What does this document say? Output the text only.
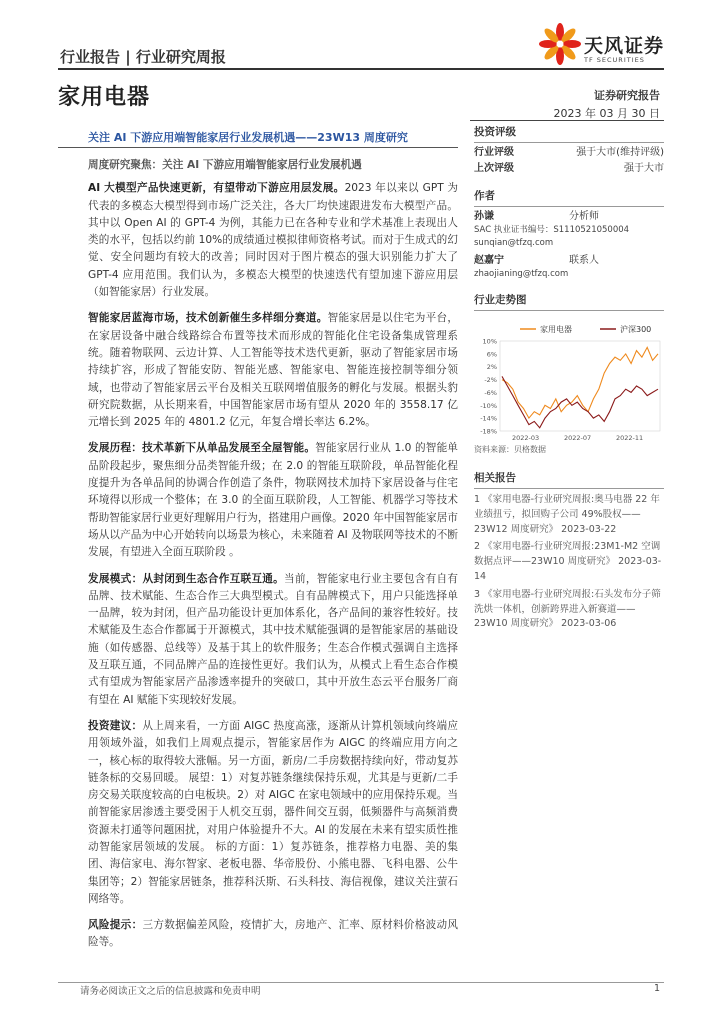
行业报告 | 行业研究周报
家用电器
天风证券
TF SECURITIES
证券研究报告
2023 年 03 月 30 日
关注 AI 下游应用端智能家居行业发展机遇——23W13 周度研究
周度研究聚焦：关注 AI 下游应用端智能家居行业发展机遇

AI 大模型产品快速更新，有望带动下游应用层发展。2023 年以来以 GPT 为代表的多模态大模型得到市场广泛关注，各大厂均快速跟进发布大模型产品。其中以 Open AI 的 GPT-4 为例，其能力已在各种专业和学术基准上表现出人类的水平，包括以约前 10%的成绩通过模拟律师资格考试。而对于生成式的幻觉、安全问题均有较大的改善；同时因对于图片模态的强大识别能力扩大了 GPT-4 应用范围。我们认为，多模态大模型的快速迭代有望加速下游应用层（如智能家居）行业发展。

智能家居蓝海市场，技术创新催生多样细分赛道。智能家居是以住宅为平台，在家居设备中融合线路综合布置等技术而形成的智能化住宅设备集成管理系统。随着物联网、云边计算、人工智能等技术迭代更新，驱动了智能家居市场持续扩容，形成了智能安防、智能光感、智能家电、智能连接控制等细分领域，也带动了智能家居云平台及相关互联网增值服务的孵化与发展。根据头豹研究院数据，从长期来看，中国智能家居市场有望从 2020 年的 3558.17 亿元增长到 2025 年的 4801.2 亿元，年复合增长率达 6.2%。

发展历程：技术革新下从单品发展至全屋智能。智能家居行业从 1.0 的智能单品阶段起步，聚焦细分品类智能升级；在 2.0 的智能互联阶段，单品智能化程度提升为各单品间的协调合作创造了条件，物联网技术加持下家居设备与住宅环境得以形成一个整体；在 3.0 的全面互联阶段，人工智能、机器学习等技术帮助智能家居行业更好理解用户行为，搭建用户画像。2020 年中国智能家居市场从以产品为中心开始转向以场景为核心，未来随着 AI 及物联网等技术的不断发展，有望进入全面互联阶段 。

发展模式：从封闭到生态合作互联互通。当前，智能家电行业主要包含有自有品牌、技术赋能、生态合作三大典型模式。自有品牌模式下，用户只能选择单一品牌，较为封闭，但产品功能设计更加体系化，各产品间的兼容性较好。技术赋能及生态合作都属于开源模式，其中技术赋能强调的是智能家居的基础设施（如传感器、总线等）及基于其上的软件服务；生态合作模式强调自主选择及互联互通，不同品牌产品的连接性更好。我们认为，从模式上看生态合作模式有望成为智能家居产品渗透率提升的突破口，其中开放生态云平台服务厂商有望在 AI 赋能下实现较好发展。

投资建议：从上周来看，一方面 AIGC 热度高涨，逐渐从计算机领域向终端应用领域外溢，如我们上周观点提示，智能家居作为 AIGC 的终端应用方向之一，核心标的取得较大涨幅。另一方面，新房/二手房数据持续向好，带动复苏链条标的交易回暖。 展望：1）对复苏链条继续保持乐观，尤其是与更新/二手房交易关联度较高的白电板块。2）对 AIGC 在家电领域中的应用保持乐观。当前智能家居渗透主要受困于人机交互弱，器件间交互弱，低频器件与高频消费资源未打通等问题困扰，对用户体验提升不大。AI 的发展在未来有望实质性推动智能家居领域的发展。 标的方面：1）复苏链条，推荐格力电器、美的集团、海信家电、海尔智家、老板电器、华帝股份、小熊电器、飞科电器、公牛集团等；2）智能家居链条，推荐科沃斯、石头科技、海信视像，建议关注萤石网络等。

风险提示：三方数据偏差风险，疫情扩大，房地产、汇率、原材料价格波动风险等。

投资评级
行业评级	强于大市(维持评级)
上次评级	强于大市
作者
孙谦	分析师
SAC 执业证书编号：S1110521050004
sunqian@tfzq.com
赵嘉宁	联系人
zhaojianing@tfzq.com
行业走势图
家用电器	沪深300
10%
6%
2%
-2%
-6%
-10%
-14%
-18%
2022-03	2022-07	2022-11
资料来源：贝格数据
相关报告
1 《家用电器-行业研究周报:奥马电器 22 年业绩扭亏，拟回购子公司 49%股权——23W12 周度研究》 2023-03-22
2 《家用电器-行业研究周报:23M1-M2 空调数据点评——23W10 周度研究》 2023-03-14
3 《家用电器-行业研究周报:石头发布分子筛洗烘一体机，创新跨界进入新赛道——23W10 周度研究》 2023-03-06
请务必阅读正文之后的信息披露和免责申明	1
